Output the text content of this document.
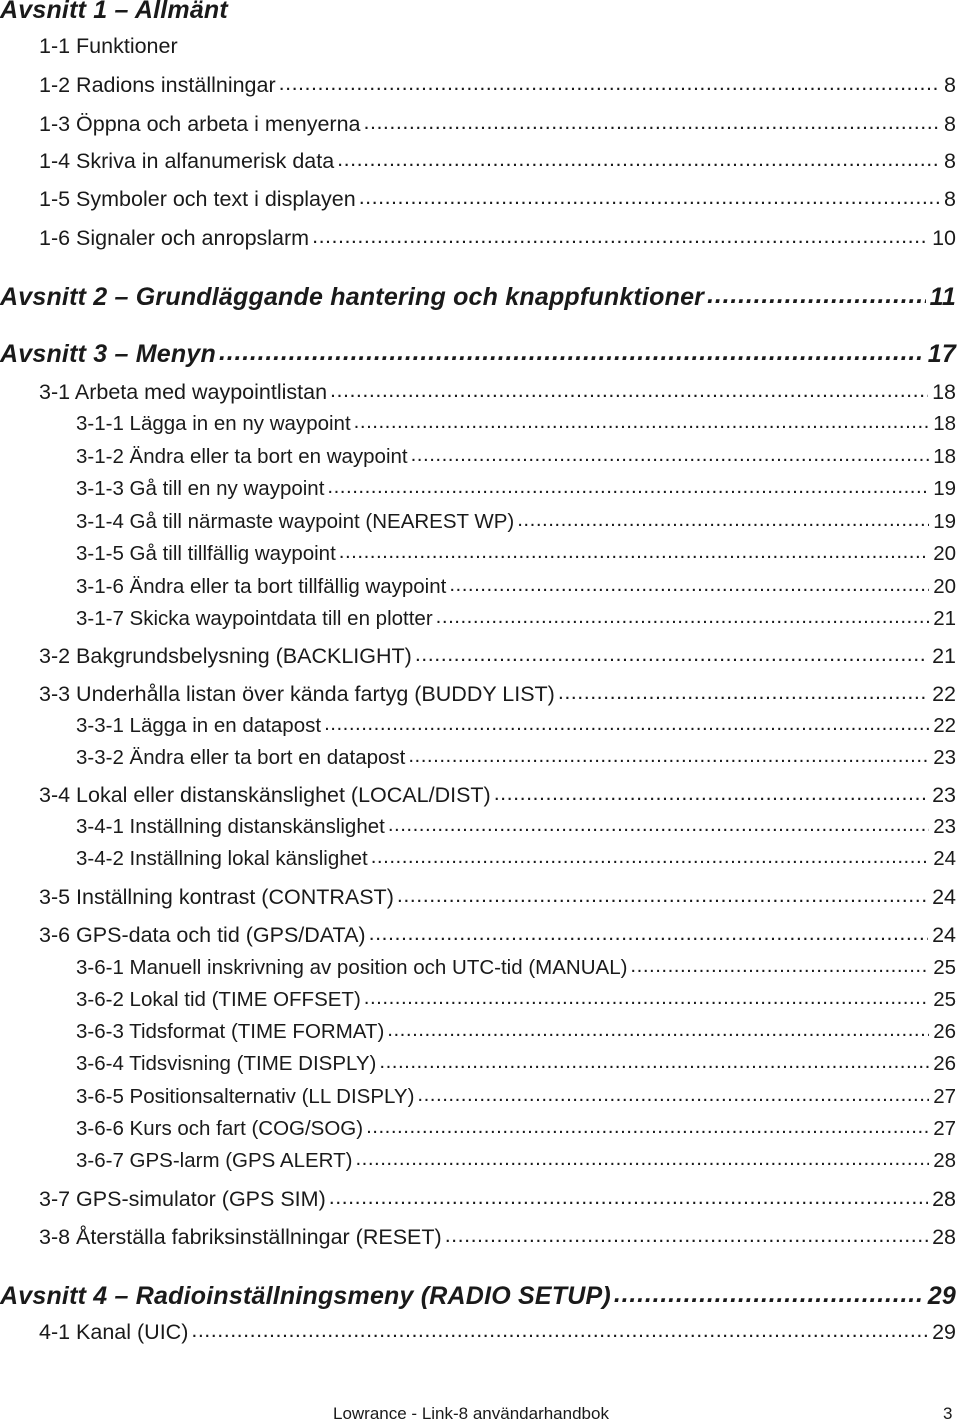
Avsnitt 1 – Allmänt
1-1 Funktioner
1-2 Radions inställningar .....	8
1-3 Öppna och arbeta i menyerna .....	8
1-4 Skriva in alfanumerisk data .....	8
1-5 Symboler och text i displayen .....	8
1-6 Signaler och anropslarm .....	10
Avsnitt 2 – Grundläggande hantering och knappfunktioner .....	11
Avsnitt 3 – Menyn .....	17
3-1 Arbeta med waypointlistan .....	18
3-1-1 Lägga in en ny waypoint .....	18
3-1-2 Ändra eller ta bort en waypoint .....	18
3-1-3 Gå till en ny waypoint .....	19
3-1-4 Gå till närmaste waypoint (NEAREST WP) .....	19
3-1-5 Gå till tillfällig waypoint .....	20
3-1-6 Ändra eller ta bort tillfällig waypoint .....	20
3-1-7 Skicka waypointdata till en plotter .....	21
3-2 Bakgrundsbelysning (BACKLIGHT) .....	21
3-3 Underhålla listan över kända fartyg (BUDDY LIST) .....	22
3-3-1 Lägga in en datapost .....	22
3-3-2 Ändra eller ta bort en datapost .....	23
3-4 Lokal eller distanskänslighet (LOCAL/DIST) .....	23
3-4-1 Inställning distanskänslighet .....	23
3-4-2 Inställning lokal känslighet .....	24
3-5 Inställning kontrast (CONTRAST) .....	24
3-6 GPS-data och tid (GPS/DATA) .....	24
3-6-1 Manuell inskrivning av position och UTC-tid (MANUAL) .....	25
3-6-2 Lokal tid (TIME OFFSET) .....	25
3-6-3 Tidsformat (TIME FORMAT) .....	26
3-6-4 Tidsvisning (TIME DISPLY) .....	26
3-6-5 Positionsalternativ (LL DISPLY) .....	27
3-6-6 Kurs och fart (COG/SOG) .....	27
3-6-7 GPS-larm (GPS ALERT) .....	28
3-7 GPS-simulator (GPS SIM) .....	28
3-8 Återställa fabriksinställningar (RESET) .....	28
Avsnitt 4 – Radioinställningsmeny (RADIO SETUP) .....	29
4-1 Kanal (UIC) .....	29
Lowrance - Link-8 användarhandbok	3
